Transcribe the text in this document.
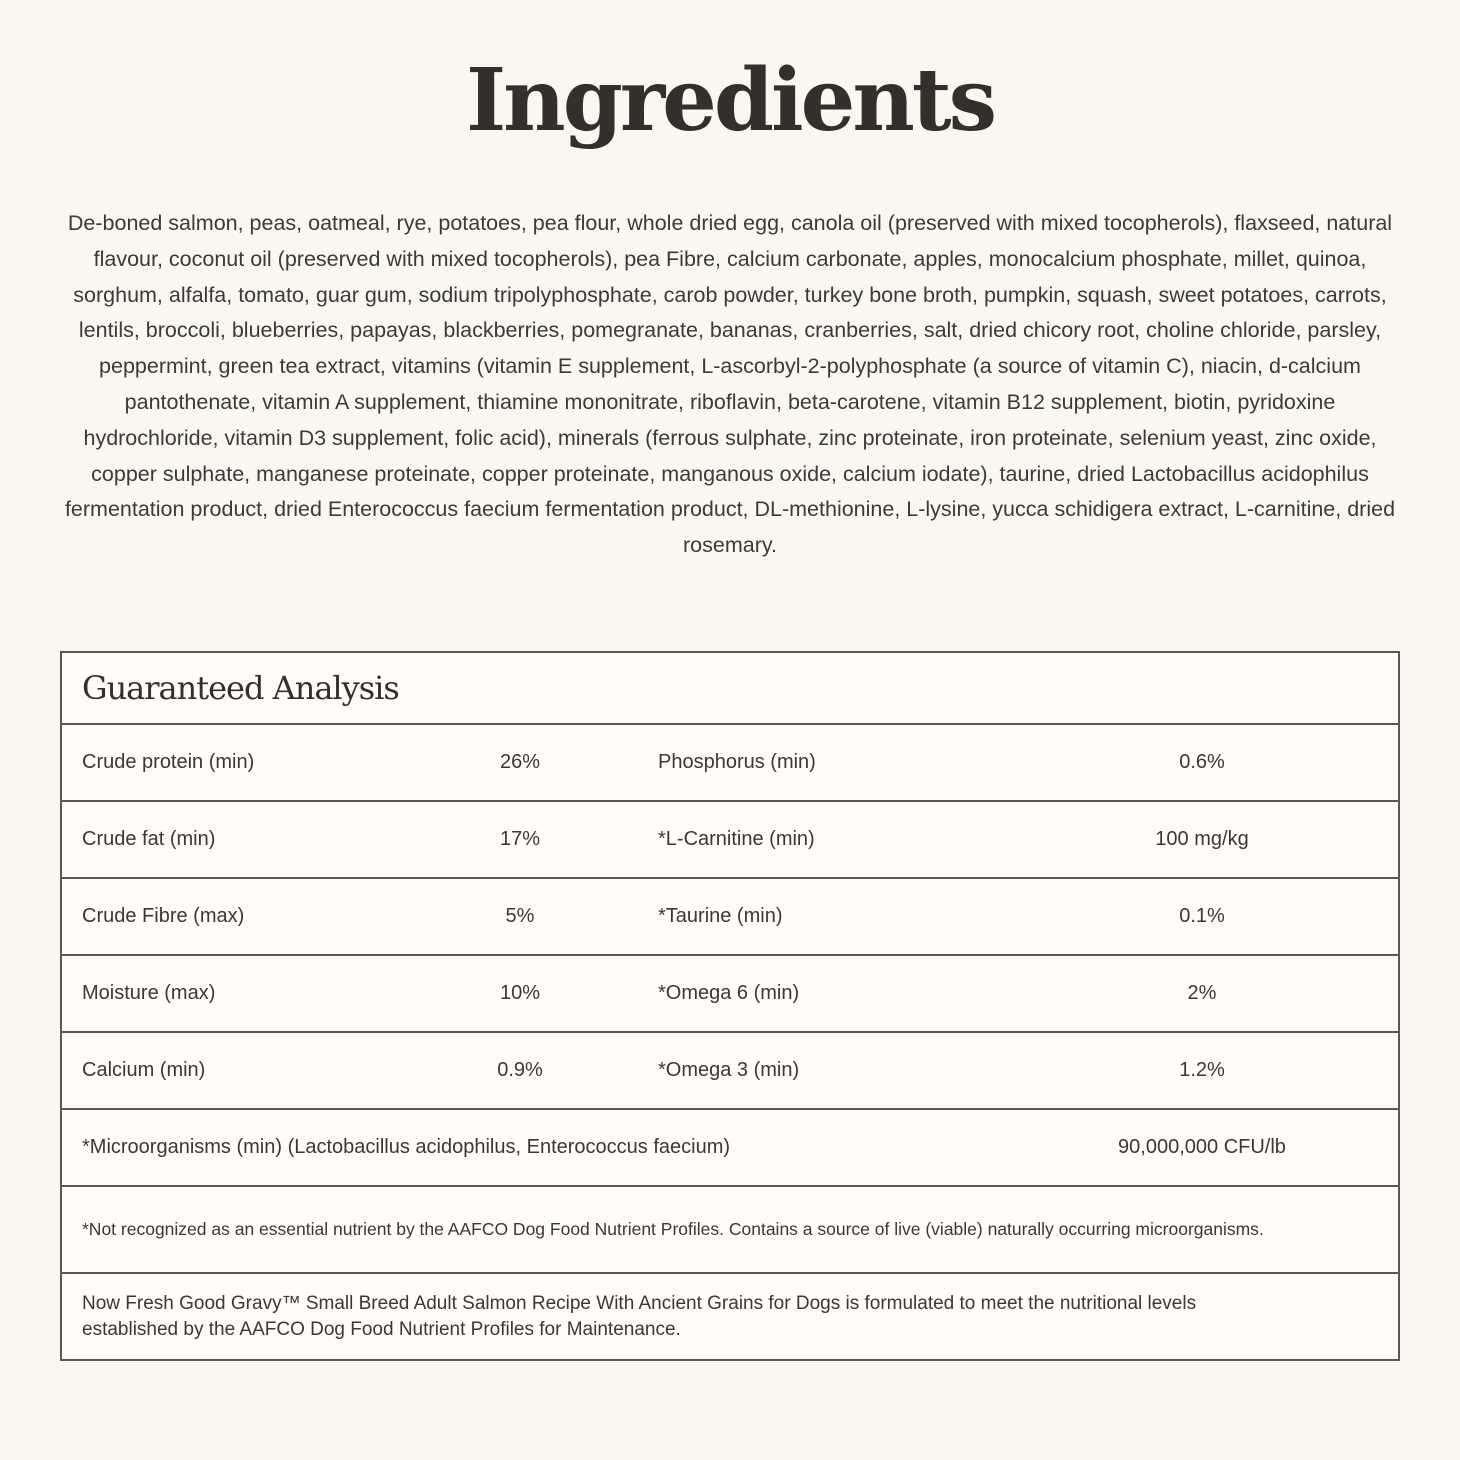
Ingredients

De-boned salmon, peas, oatmeal, rye, potatoes, pea flour, whole dried egg, canola oil (preserved with mixed tocopherols), flaxseed, natural flavour, coconut oil (preserved with mixed tocopherols), pea Fibre, calcium carbonate, apples, monocalcium phosphate, millet, quinoa, sorghum, alfalfa, tomato, guar gum, sodium tripolyphosphate, carob powder, turkey bone broth, pumpkin, squash, sweet potatoes, carrots, lentils, broccoli, blueberries, papayas, blackberries, pomegranate, bananas, cranberries, salt, dried chicory root, choline chloride, parsley, peppermint, green tea extract, vitamins (vitamin E supplement, L-ascorbyl-2-polyphosphate (a source of vitamin C), niacin, d-calcium pantothenate, vitamin A supplement, thiamine mononitrate, riboflavin, beta-carotene, vitamin B12 supplement, biotin, pyridoxine hydrochloride, vitamin D3 supplement, folic acid), minerals (ferrous sulphate, zinc proteinate, iron proteinate, selenium yeast, zinc oxide, copper sulphate, manganese proteinate, copper proteinate, manganous oxide, calcium iodate), taurine, dried Lactobacillus acidophilus fermentation product, dried Enterococcus faecium fermentation product, DL-methionine, L-lysine, yucca schidigera extract, L-carnitine, dried rosemary.

Guaranteed Analysis
Crude protein (min)	26%	Phosphorus (min)	0.6%
Crude fat (min)	17%	*L-Carnitine (min)	100 mg/kg
Crude Fibre (max)	5%	*Taurine (min)	0.1%
Moisture (max)	10%	*Omega 6 (min)	2%
Calcium (min)	0.9%	*Omega 3 (min)	1.2%
*Microorganisms (min) (Lactobacillus acidophilus, Enterococcus faecium)	90,000,000 CFU/lb
*Not recognized as an essential nutrient by the AAFCO Dog Food Nutrient Profiles. Contains a source of live (viable) naturally occurring microorganisms.
Now Fresh Good Gravy™ Small Breed Adult Salmon Recipe With Ancient Grains for Dogs is formulated to meet the nutritional levels established by the AAFCO Dog Food Nutrient Profiles for Maintenance.
